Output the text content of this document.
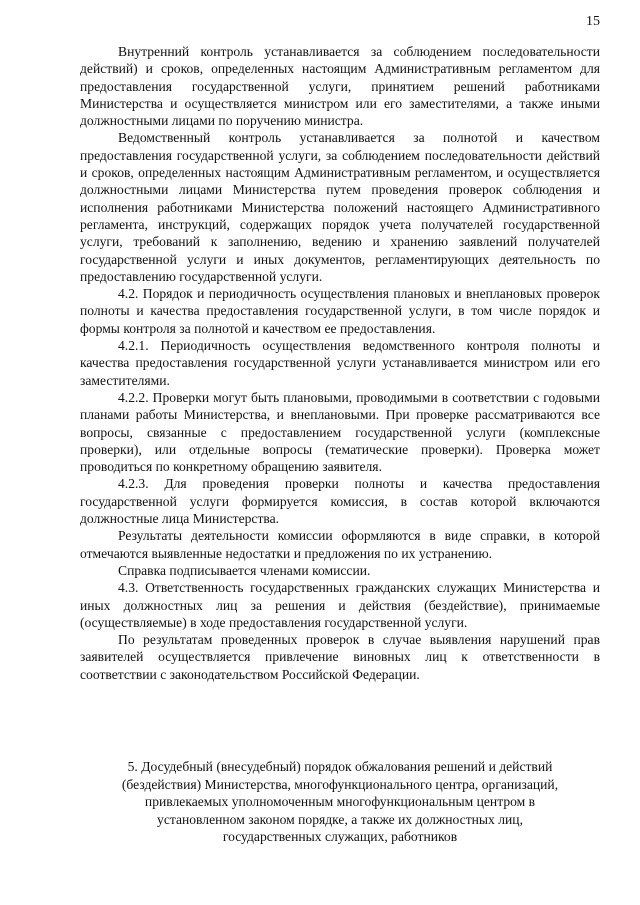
15

Внутренний контроль устанавливается за соблюдением последовательности действий) и сроков, определенных настоящим Административным регламентом для предоставления государственной услуги, принятием решений работниками Министерства и осуществляется министром или его заместителями, а также иными должностными лицами по поручению министра.

Ведомственный контроль устанавливается за полнотой и качеством предоставления государственной услуги, за соблюдением последовательности действий и сроков, определенных настоящим Административным регламентом, и осуществляется должностными лицами Министерства путем проведения проверок соблюдения и исполнения работниками Министерства положений настоящего Административного регламента, инструкций, содержащих порядок учета получателей государственной услуги, требований к заполнению, ведению и хранению заявлений получателей государственной услуги и иных документов, регламентирующих деятельность по предоставлению государственной услуги.

4.2. Порядок и периодичность осуществления плановых и внеплановых проверок полноты и качества предоставления государственной услуги, в том числе порядок и формы контроля за полнотой и качеством ее предоставления.

4.2.1. Периодичность осуществления ведомственного контроля полноты и качества предоставления государственной услуги устанавливается министром или его заместителями.

4.2.2. Проверки могут быть плановыми, проводимыми в соответствии с годовыми планами работы Министерства, и внеплановыми. При проверке рассматриваются все вопросы, связанные с предоставлением государственной услуги (комплексные проверки), или отдельные вопросы (тематические проверки). Проверка может проводиться по конкретному обращению заявителя.

4.2.3. Для проведения проверки полноты и качества предоставления государственной услуги формируется комиссия, в состав которой включаются должностные лица Министерства.

Результаты деятельности комиссии оформляются в виде справки, в которой отмечаются выявленные недостатки и предложения по их устранению.

Справка подписывается членами комиссии.

4.3. Ответственность государственных гражданских служащих Министерства и иных должностных лиц за решения и действия (бездействие), принимаемые (осуществляемые) в ходе предоставления государственной услуги.

По результатам проведенных проверок в случае выявления нарушений прав заявителей осуществляется привлечение виновных лиц к ответственности в соответствии с законодательством Российской Федерации.

5. Досудебный (внесудебный) порядок обжалования решений и действий
(бездействия) Министерства, многофункционального центра, организаций,
привлекаемых уполномоченным многофункциональным центром в
установленном законом порядке, а также их должностных лиц,
государственных служащих, работников
